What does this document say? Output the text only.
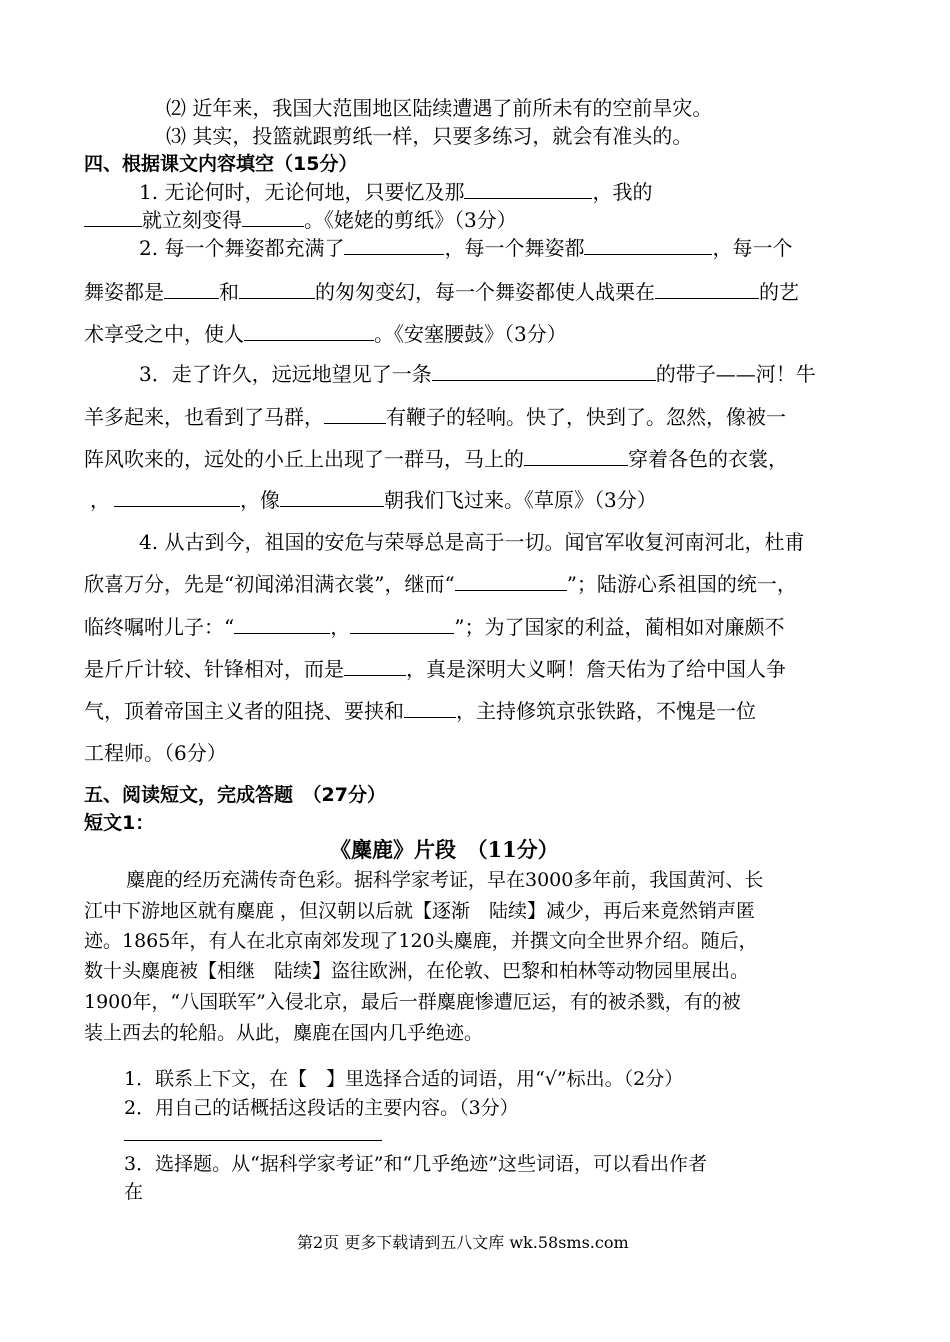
⑵ 近年来，我国大范围地区陆续遭遇了前所未有的空前旱灾。
⑶ 其实，投篮就跟剪纸一样，只要多练习，就会有准头的。
四、根据课文内容填空（15分）
1. 无论何时，无论何地，只要忆及那	，我的
就立刻变得	。《姥姥的剪纸》（3分）
2. 每一个舞姿都充满了	，每一个舞姿都	，每一个
舞姿都是	和	的匆匆变幻，每一个舞姿都使人战栗在	的艺
术享受之中，使人	。《安塞腰鼓》（3分）
3．走了许久，远远地望见了一条	的带子——河！牛
羊多起来，也看到了马群，	有鞭子的轻响。快了，快到了。忽然，像被一
阵风吹来的，远处的小丘上出现了一群马，马上的	穿着各色的衣裳，
，	，像	朝我们飞过来。《草原》（3分）
4. 从古到今，祖国的安危与荣辱总是高于一切。闻官军收复河南河北，杜甫
欣喜万分，先是“初闻涕泪满衣裳”，继而“	”；陆游心系祖国的统一，
临终嘱咐儿子：“	，	”；为了国家的利益，蔺相如对廉颇不
是斤斤计较、针锋相对，而是	，真是深明大义啊！詹天佑为了给中国人争
气，顶着帝国主义者的阻挠、要挟和	，主持修筑京张铁路，不愧是一位
工程师。（6分）
五、阅读短文，完成答题　（27分）
短文1：
《麋鹿》片段　（11分）
麋鹿的经历充满传奇色彩。据科学家考证，早在3000多年前，我国黄河、长
江中下游地区就有麋鹿 ，但汉朝以后就【逐渐　陆续】减少，再后来竟然销声匿
迹。1865年，有人在北京南郊发现了120头麋鹿，并撰文向全世界介绍。随后，
数十头麋鹿被【相继　陆续】盗往欧洲，在伦敦、巴黎和柏林等动物园里展出。
1900年，“八国联军”入侵北京，最后一群麋鹿惨遭厄运，有的被杀戮，有的被
装上西去的轮船。从此，麋鹿在国内几乎绝迹。
1．联系上下文，在【　】里选择合适的词语，用“√”标出。（2分）
2．用自己的话概括这段话的主要内容。（3分）
3．选择题。从“据科学家考证”和“几乎绝迹”这些词语，可以看出作者
在
第2页 更多下载请到五八文库 wk.58sms.com
